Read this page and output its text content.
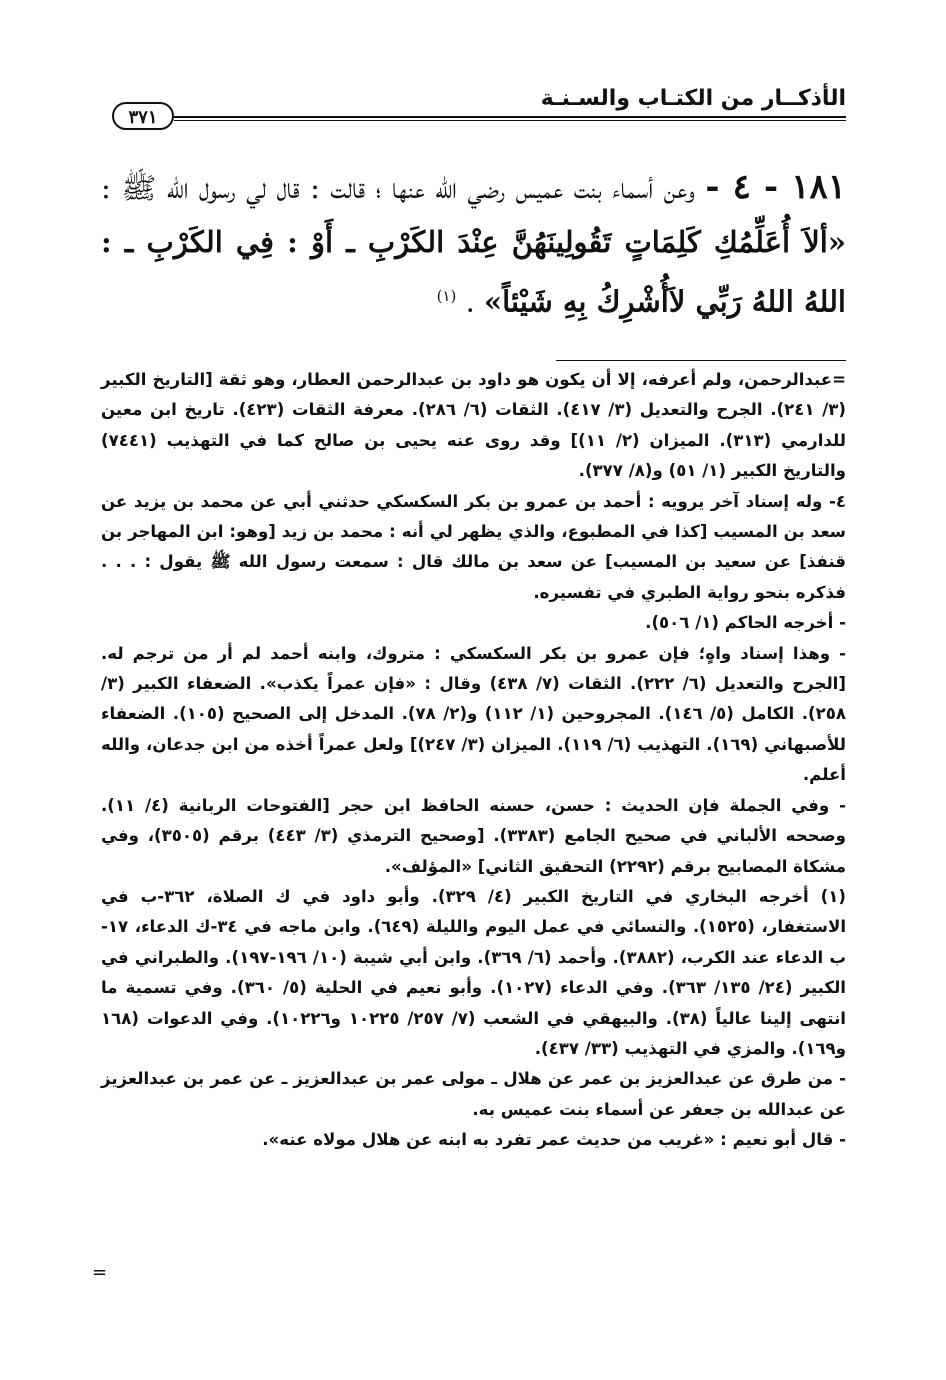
الأذكــار من الكتـاب والسـنـة
٣٧١
١٨١ - ٤ - وعن أسماء بنت عميس رضي الله عنها ؛ قالت : قال لي رسول الله ﷺ : «ألاَ أُعَلِّمُكِ كَلِمَاتٍ تَقُولِينَهُنَّ عِنْدَ الكَرْبِ ـ أَوْ : فِي الكَرْبِ ـ : اللهُ اللهُ رَبِّي لاَأُشْرِكُ بِهِ شَيْئاً» . $^{(١)}$

=عبدالرحمن، ولم أعرفه، إلا أن يكون هو داود بن عبدالرحمن العطار، وهو ثقة [التاريخ الكبير (٣/ ٢٤١). الجرح والتعديل (٣/ ٤١٧). الثقات (٦/ ٢٨٦). معرفة الثقات (٤٢٣). تاريخ ابن معين للدارمي (٣١٣). الميزان (٢/ ١١)] وقد روى عنه يحيى بن صالح كما في التهذيب (٧٤٤١) والتاريخ الكبير (١/ ٥١) و(٨/ ٣٧٧).

٤- وله إسناد آخر يرويه : أحمد بن عمرو بن بكر السكسكي حدثني أبي عن محمد بن يزيد عن سعد بن المسيب [كذا في المطبوع، والذي يظهر لي أنه : محمد بن زيد [وهو: ابن المهاجر بن قنفذ] عن سعيد بن المسيب] عن سعد بن مالك قال : سمعت رسول الله ﷺ يقول : . . . فذكره بنحو رواية الطبري في تفسيره.

- أخرجه الحاكم (١/ ٥٠٦).

- وهذا إسناد واهٍ؛ فإن عمرو بن بكر السكسكي : متروك، وابنه أحمد لم أر من ترجم له. [الجرح والتعديل (٦/ ٢٢٢). الثقات (٧/ ٤٣٨) وقال : «فإن عمراً يكذب». الضعفاء الكبير (٣/ ٢٥٨). الكامل (٥/ ١٤٦). المجروحين (١/ ١١٢) و(٢/ ٧٨). المدخل إلى الصحيح (١٠٥). الضعفاء للأصبهاني (١٦٩). التهذيب (٦/ ١١٩). الميزان (٣/ ٢٤٧)] ولعل عمراً أخذه من ابن جدعان، والله أعلم.

- وفي الجملة فإن الحديث : حسن، حسنه الحافظ ابن حجر [الفتوحات الربانية (٤/ ١١). وصححه الألباني في صحيح الجامع (٣٣٨٣). [وصحيح الترمذي (٣/ ٤٤٣) برقم (٣٥٠٥)، وفي مشكاة المصابيح برقم (٢٢٩٢) التحقيق الثاني] «المؤلف».

(١) أخرجه البخاري في التاريخ الكبير (٤/ ٣٢٩). وأبو داود في ك الصلاة، ٣٦٢-ب في الاستغفار، (١٥٢٥). والنسائي في عمل اليوم والليلة (٦٤٩). وابن ماجه في ٣٤-ك الدعاء، ١٧-ب الدعاء عند الكرب، (٣٨٨٢). وأحمد (٦/ ٣٦٩). وابن أبي شيبة (١٠/ ١٩٦-١٩٧). والطبراني في الكبير (٢٤/ ١٣٥/ ٣٦٣). وفي الدعاء (١٠٢٧). وأبو نعيم في الحلية (٥/ ٣٦٠). وفي تسمية ما انتهى إلينا عالياً (٣٨). والبيهقي في الشعب (٧/ ٢٥٧/ ١٠٢٢٥ و١٠٢٢٦). وفي الدعوات (١٦٨ و١٦٩). والمزي في التهذيب (٣٣/ ٤٣٧).

- من طرق عن عبدالعزيز بن عمر عن هلال ـ مولى عمر بن عبدالعزيز ـ عن عمر بن عبدالعزيز عن عبدالله بن جعفر عن أسماء بنت عميس به.

- قال أبو نعيم : «غريب من حديث عمر تفرد به ابنه عن هلال مولاه عنه».

=
